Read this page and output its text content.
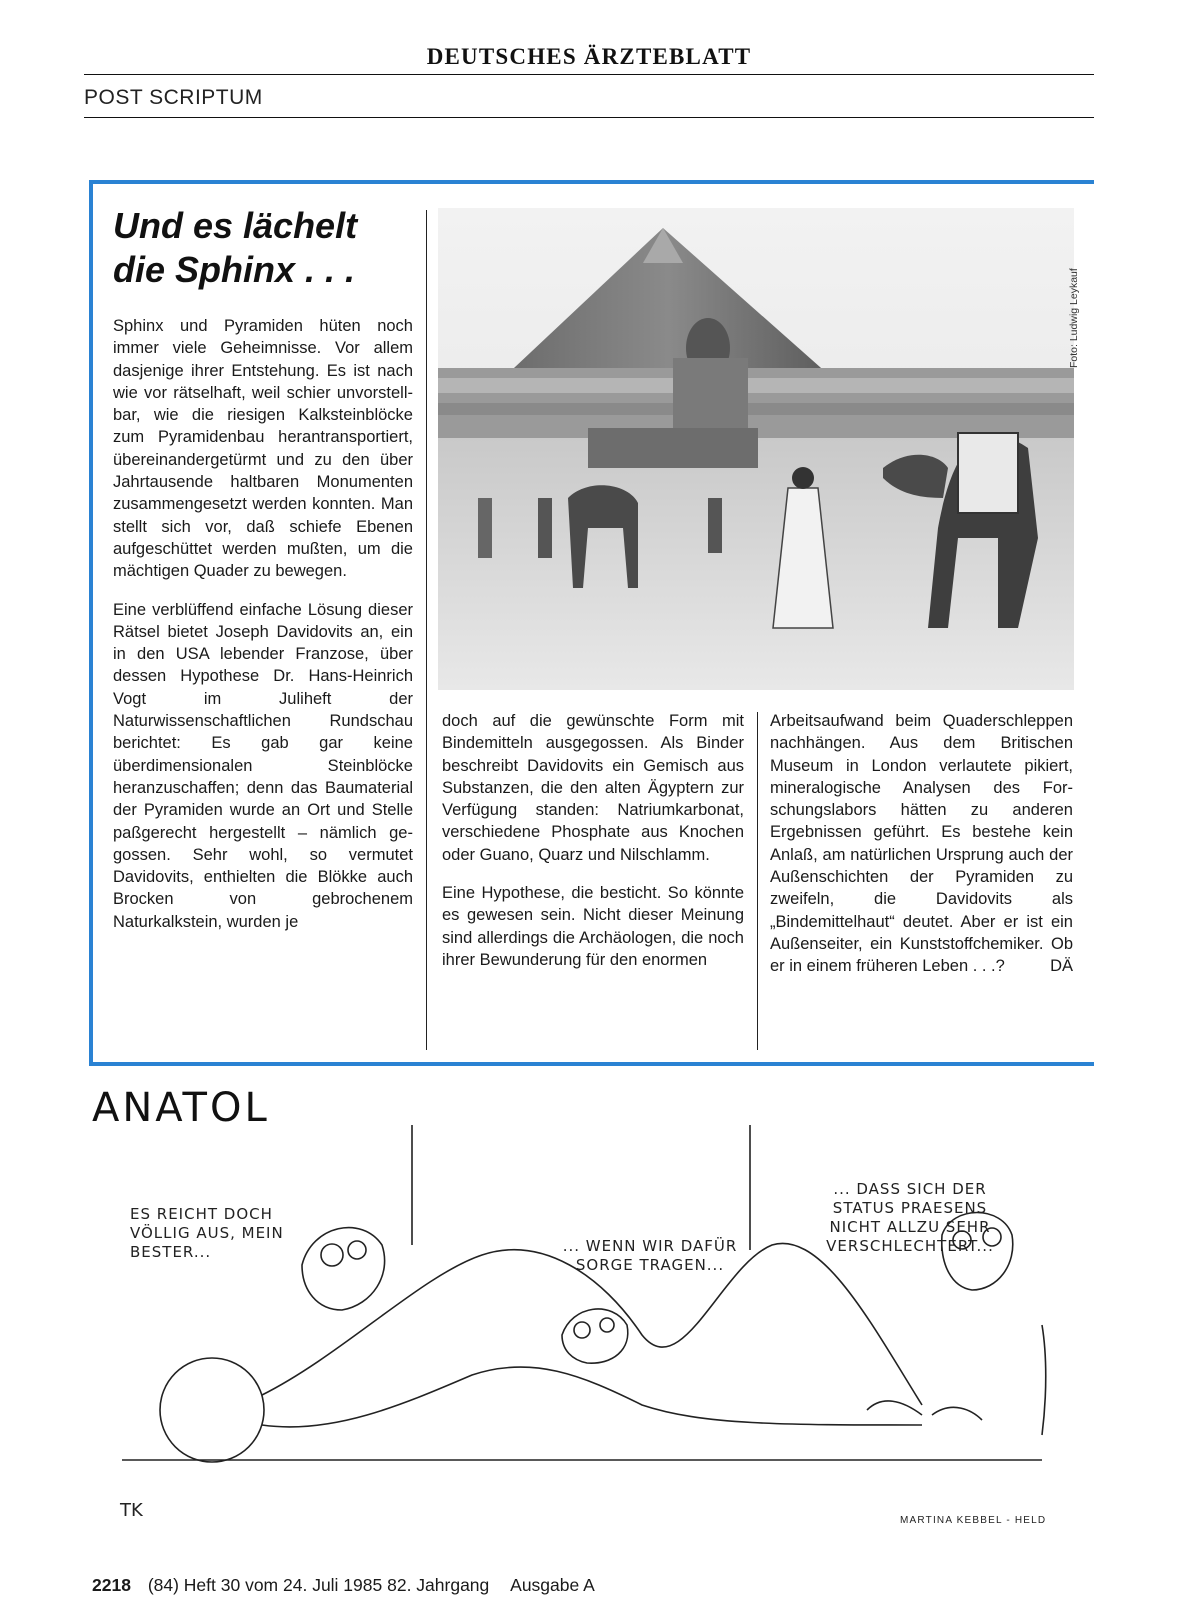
DEUTSCHES ÄRZTEBLATT
POST SCRIPTUM
Und es lächelt
die Sphinx . . .

Sphinx und Pyramiden hüten noch immer viele Geheimnisse. Vor allem dasjenige ihrer Entstehung. Es ist nach wie vor rätselhaft, weil schier unvorstellbar, wie die riesigen Kalksteinblöcke zum Pyramidenbau herantransportiert, übereinandergetürmt und zu den über Jahrtausende haltbaren Monumenten zusammengesetzt werden konnten. Man stellt sich vor, daß schiefe Ebenen aufgeschüttet werden mußten, um die mächtigen Quader zu bewegen.

Eine verblüffend einfache Lösung dieser Rätsel bietet Joseph Davidovits an, ein in den USA lebender Franzose, über dessen Hypothese Dr. Hans-Heinrich Vogt im Juliheft der Naturwissenschaftlichen Rundschau berichtet: Es gab gar keine überdimensionalen Steinblöcke heranzuschaffen; denn das Baumaterial der Pyramiden wurde an Ort und Stelle paßgerecht hergestellt – nämlich gegossen. Sehr wohl, so vermutet Davidovits, enthielten die Blökke auch Brocken von gebrochenem Naturkalkstein, wurden je

Foto: Ludwig Leykauf

doch auf die gewünschte Form mit Bindemitteln ausgegossen. Als Binder beschreibt Davidovits ein Gemisch aus Substanzen, die den alten Ägyptern zur Verfügung standen: Natriumkarbonat, verschiedene Phosphate aus Knochen oder Guano, Quarz und Nilschlamm.

Eine Hypothese, die bestiсht. So könnte es gewesen sein. Nicht dieser Meinung sind allerdings die Archäologen, die noch ihrer Bewunderung für den enormen

Arbeitsaufwand beim Quaderschleppen nachhängen. Aus dem Britischen Museum in London verlautete pikiert, mineralogische Analysen des Forschungslabors hätten zu anderen Ergebnissen geführt. Es bestehe kein Anlaß, am natürlichen Ursprung auch der Außenschichten der Pyramiden zu zweifeln, die Davidovits als „Bindemittelhaut“ deutet. Aber er ist ein Außenseiter, ein Kunststoffchemiker. Ob er in einem früheren Leben . . .?	DÄ

ANATOL
ES REICHT DOCH VÖLLIG AUS, MEIN BESTER...	... WENN WIR DAFÜR SORGE TRAGEN...
... DASS SICH DER STATUS PRAESENS NICHT ALLZU SEHR VERSCHLECHTERT...
TK	MARTINA KEBBEL - HELD
2218 (84) Heft 30 vom 24. Juli 1985 82. Jahrgang Ausgabe A
